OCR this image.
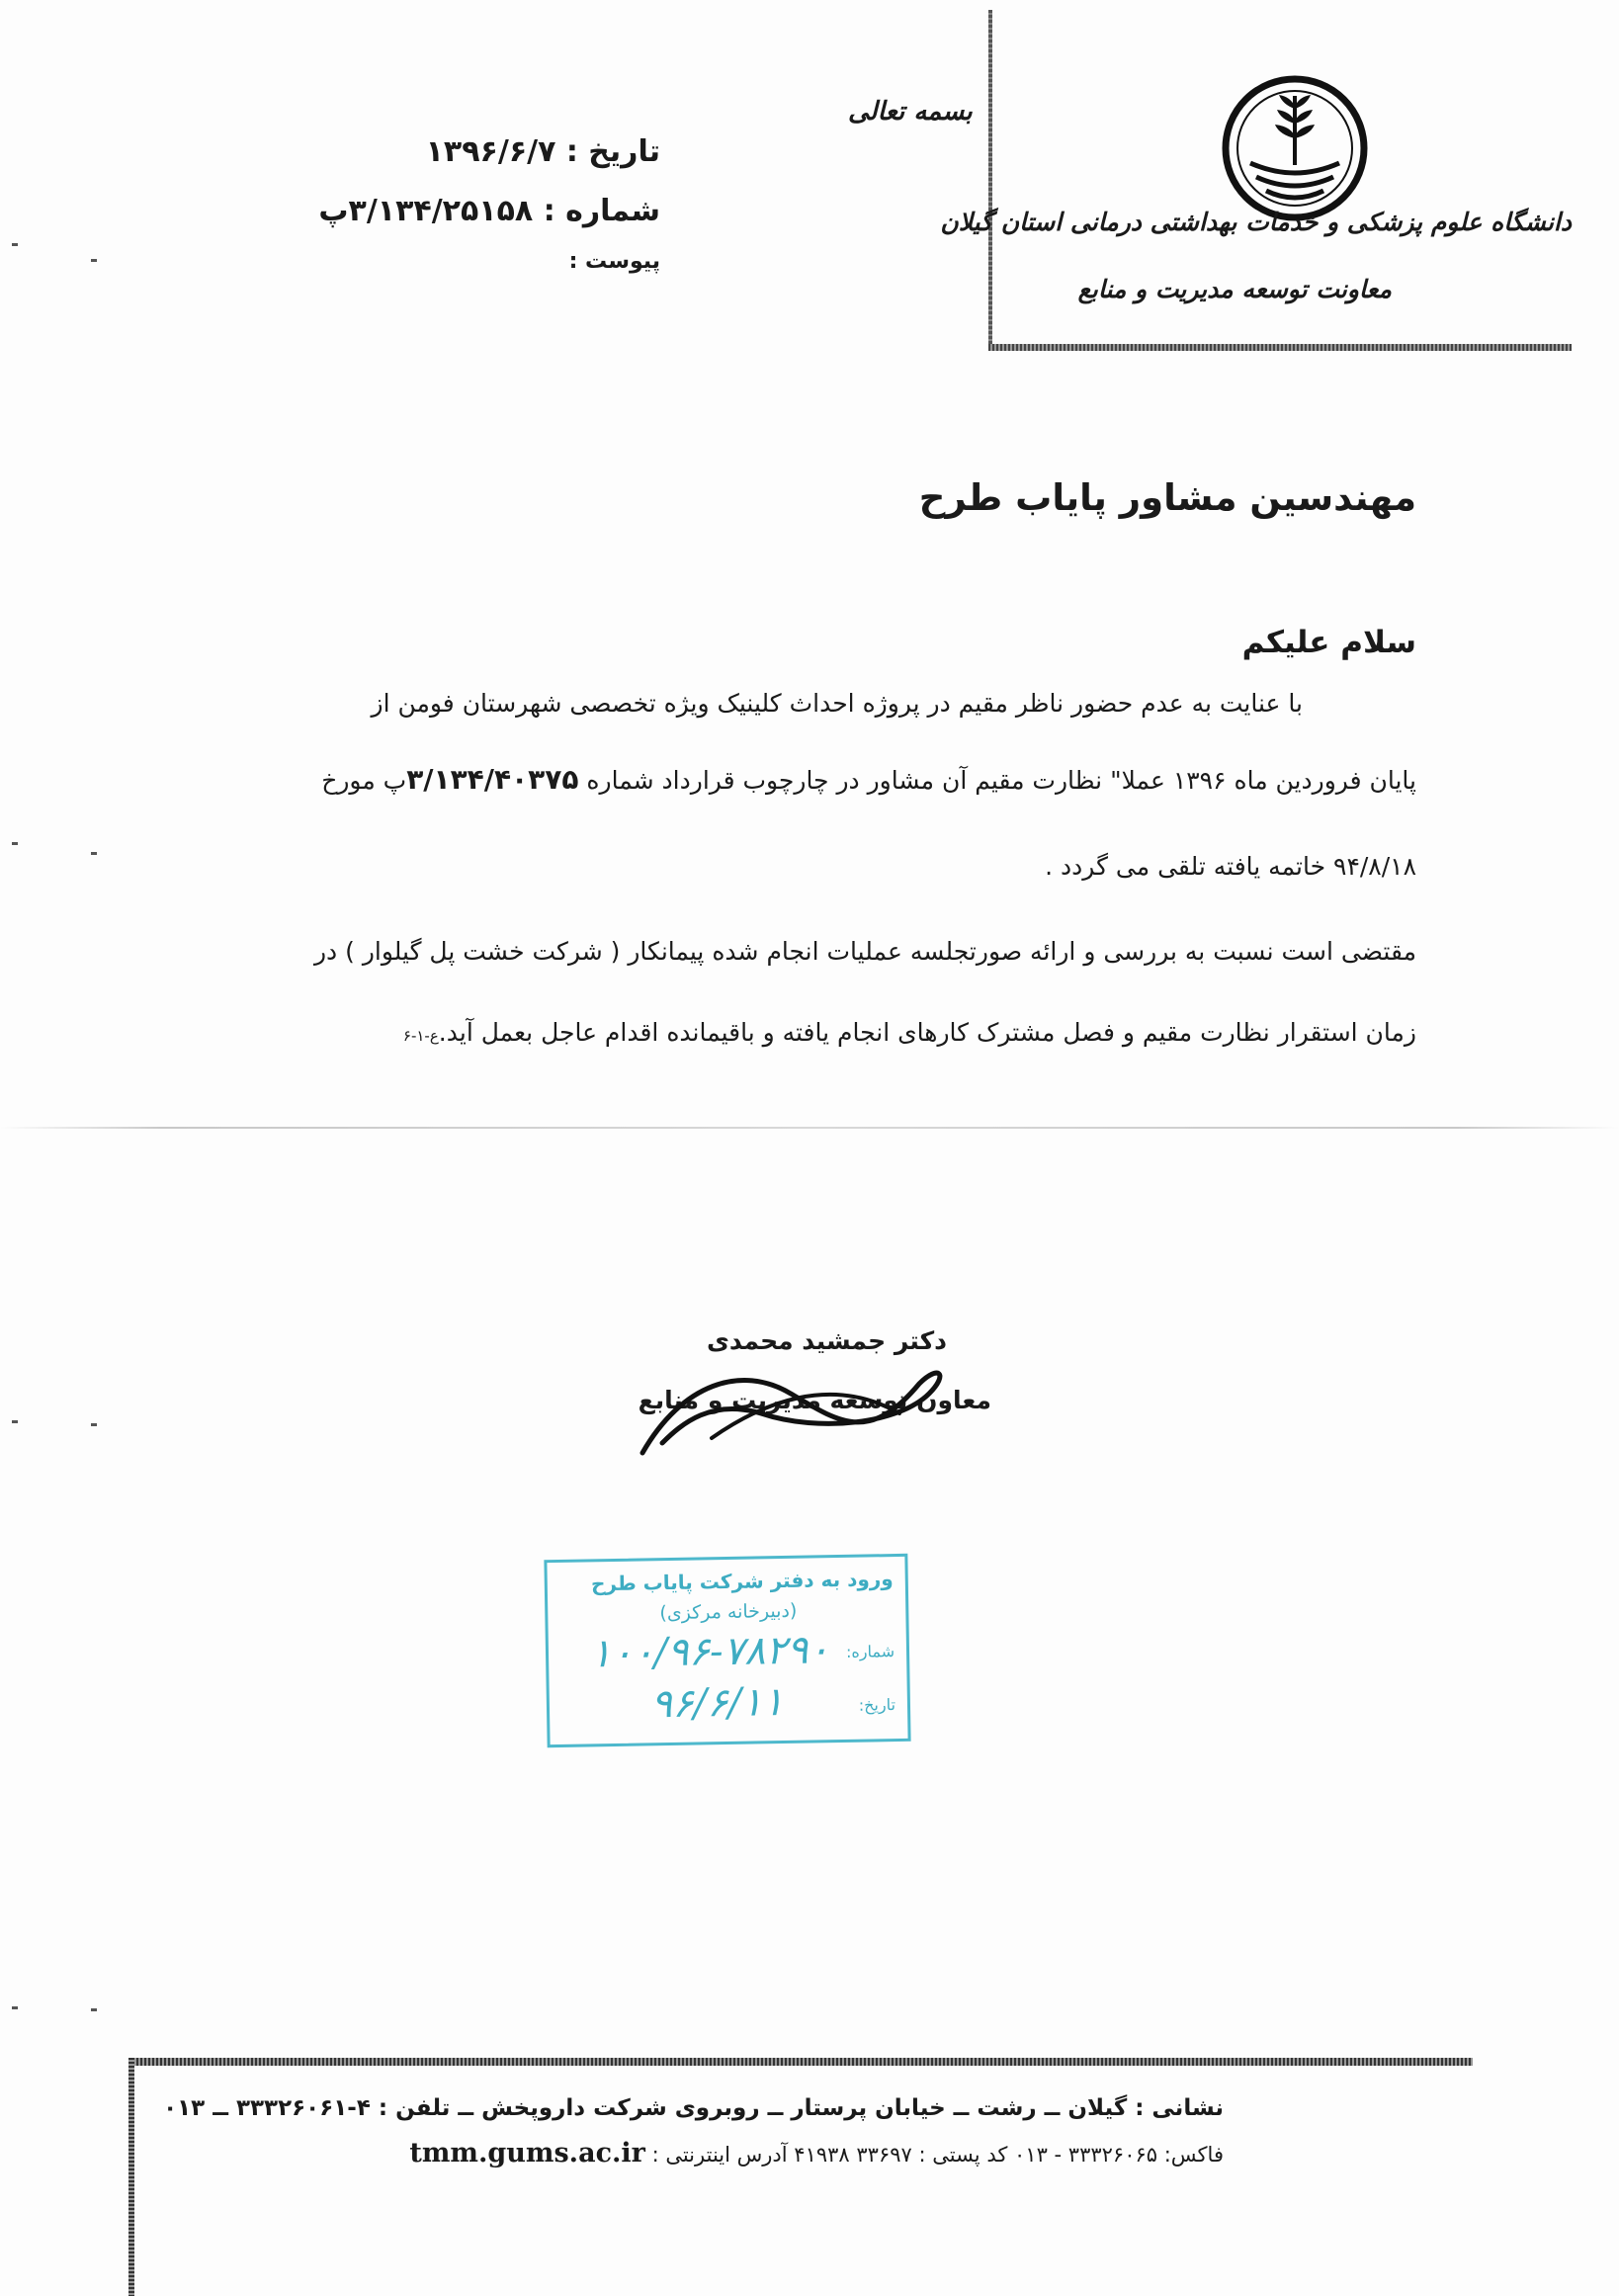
دانشگاه علوم پزشکی و خدمات بهداشتی درمانی استان گیلان
معاونت توسعه مدیریت و منابع
بسمه تعالی
تاریخ : ۱۳۹۶/۶/۷
شماره : ۳/۱۳۴/۲۵۱۵۸پ
پیوست :
مهندسین مشاور پایاب طرح
سلام علیکم
با عنایت به عدم حضور ناظر مقیم در پروژه احداث کلینیک ویژه تخصصی شهرستان فومن از
پایان فروردین ماه ۱۳۹۶ عملا" نظارت مقیم آن مشاور در چارچوب قرارداد شماره ۳/۱۳۴/۴۰۳۷۵پ مورخ
۹۴/۸/۱۸ خاتمه یافته تلقی می گردد .
مقتضی است نسبت به بررسی و ارائه صورتجلسه عملیات انجام شده پیمانکار ( شرکت خشت پل گیلوار ) در
زمان استقرار نظارت مقیم و فصل مشترک کارهای انجام یافته و باقیمانده اقدام عاجل بعمل آید.ع-۱-۶
دکتر جمشید محمدی
معاون توسعه مدیریت و منابع
ورود به دفتر شرکت پایاب طرح
(دبیرخانه مرکزی)
شماره:
۱۰۰/۹۶-۷۸۲۹۰
تاریخ:
۹۶/۶/۱۱
نشانی : گیلان ــ رشت ــ خیابان پرستار ــ روبروی شرکت داروپخش ــ تلفن : ۴-۳۳۳۲۶۰۶۱ ــ ۰۱۳
فاکس: ۳۳۳۲۶۰۶۵ - ۰۱۳ کد پستی : ۳۳۶۹۷ ۴۱۹۳۸ آدرس اینترنتی : tmm.gums.ac.ir
